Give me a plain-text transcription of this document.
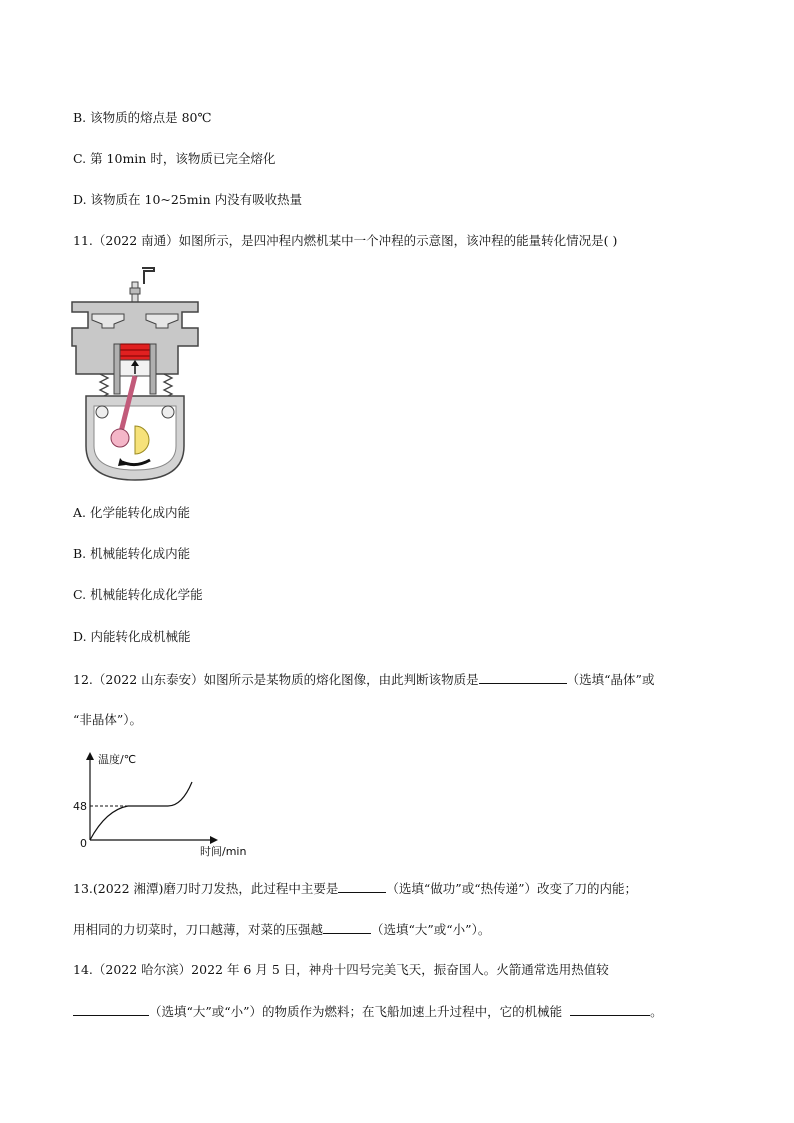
B. 该物质的熔点是 80℃
C. 第 10min 时，该物质已完全熔化
D. 该物质在 10~25min 内没有吸收热量
11.（2022 南通）如图所示，是四冲程内燃机某中一个冲程的示意图，该冲程的能量转化情况是( )
A. 化学能转化成内能
B. 机械能转化成内能
C. 机械能转化成化学能
D. 内能转化成机械能
12.（2022 山东泰安）如图所示是某物质的熔化图像，由此判断该物质是	（选填“晶体”或
“非晶体”）。
温度/℃
48
0
时间/min
13.(2022 湘潭)磨刀时刀发热，此过程中主要是	（选填“做功”或“热传递”）改变了刀的内能；
用相同的力切菜时，刀口越薄，对菜的压强越	（选填“大”或“小”）。
14.（2022 哈尔滨）2022 年 6 月 5 日，神舟十四号完美飞天，振奋国人。火箭通常选用热值较
（选填“大”或“小”）的物质作为燃料；在飞船加速上升过程中，它的机械能	。
